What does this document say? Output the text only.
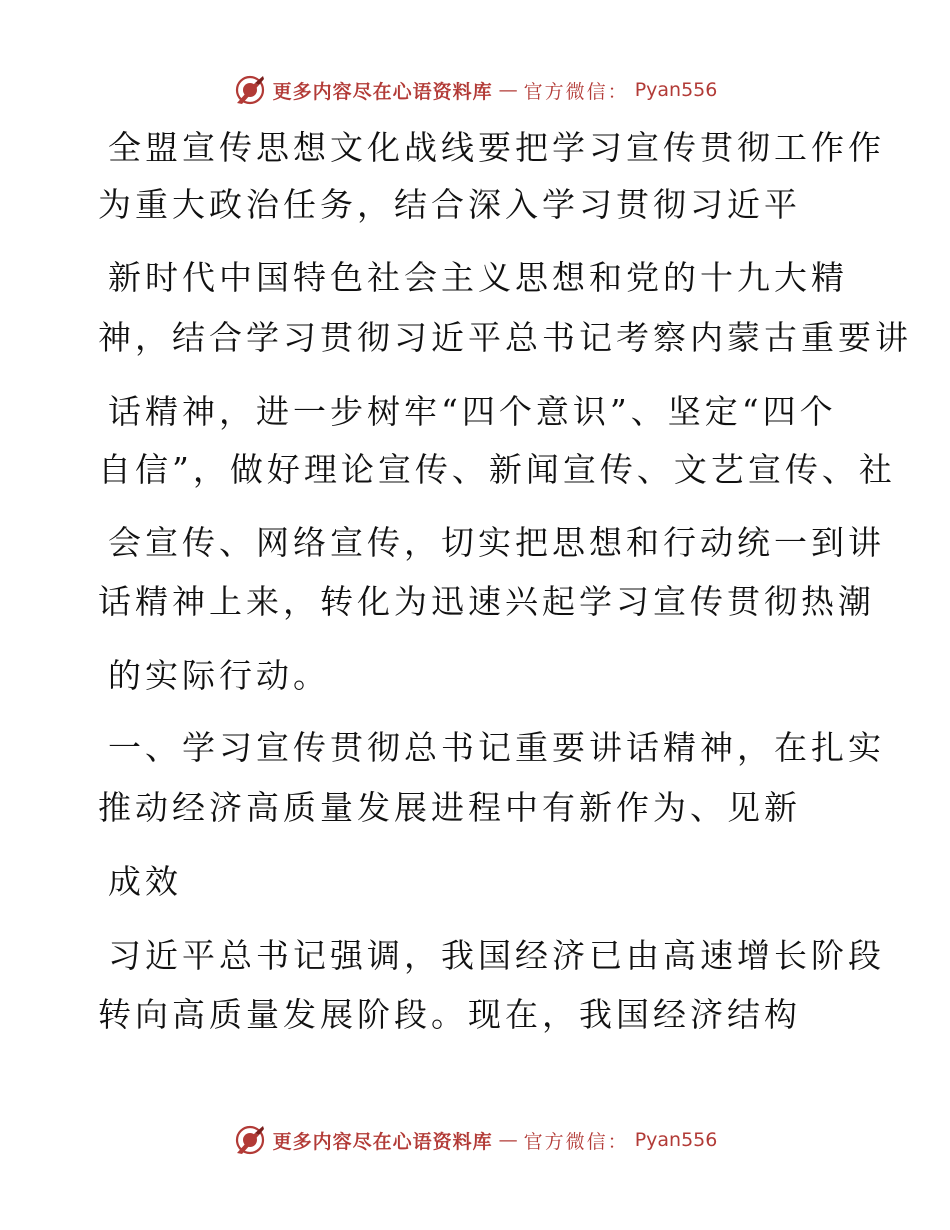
更多内容尽在心语资料库 — 官方微信： Pyan556
全盟宣传思想文化战线要把学习宣传贯彻工作作
为重大政治任务，结合深入学习贯彻习近平
新时代中国特色社会主义思想和党的十九大精
神，结合学习贯彻习近平总书记考察内蒙古重要讲
话精神，进一步树牢“四个意识”、坚定“四个
自信”，做好理论宣传、新闻宣传、文艺宣传、社
会宣传、网络宣传，切实把思想和行动统一到讲
话精神上来，转化为迅速兴起学习宣传贯彻热潮
的实际行动。
一、学习宣传贯彻总书记重要讲话精神，在扎实
推动经济高质量发展进程中有新作为、见新
成效
习近平总书记强调，我国经济已由高速增长阶段
转向高质量发展阶段。现在，我国经济结构
更多内容尽在心语资料库 — 官方微信： Pyan556
